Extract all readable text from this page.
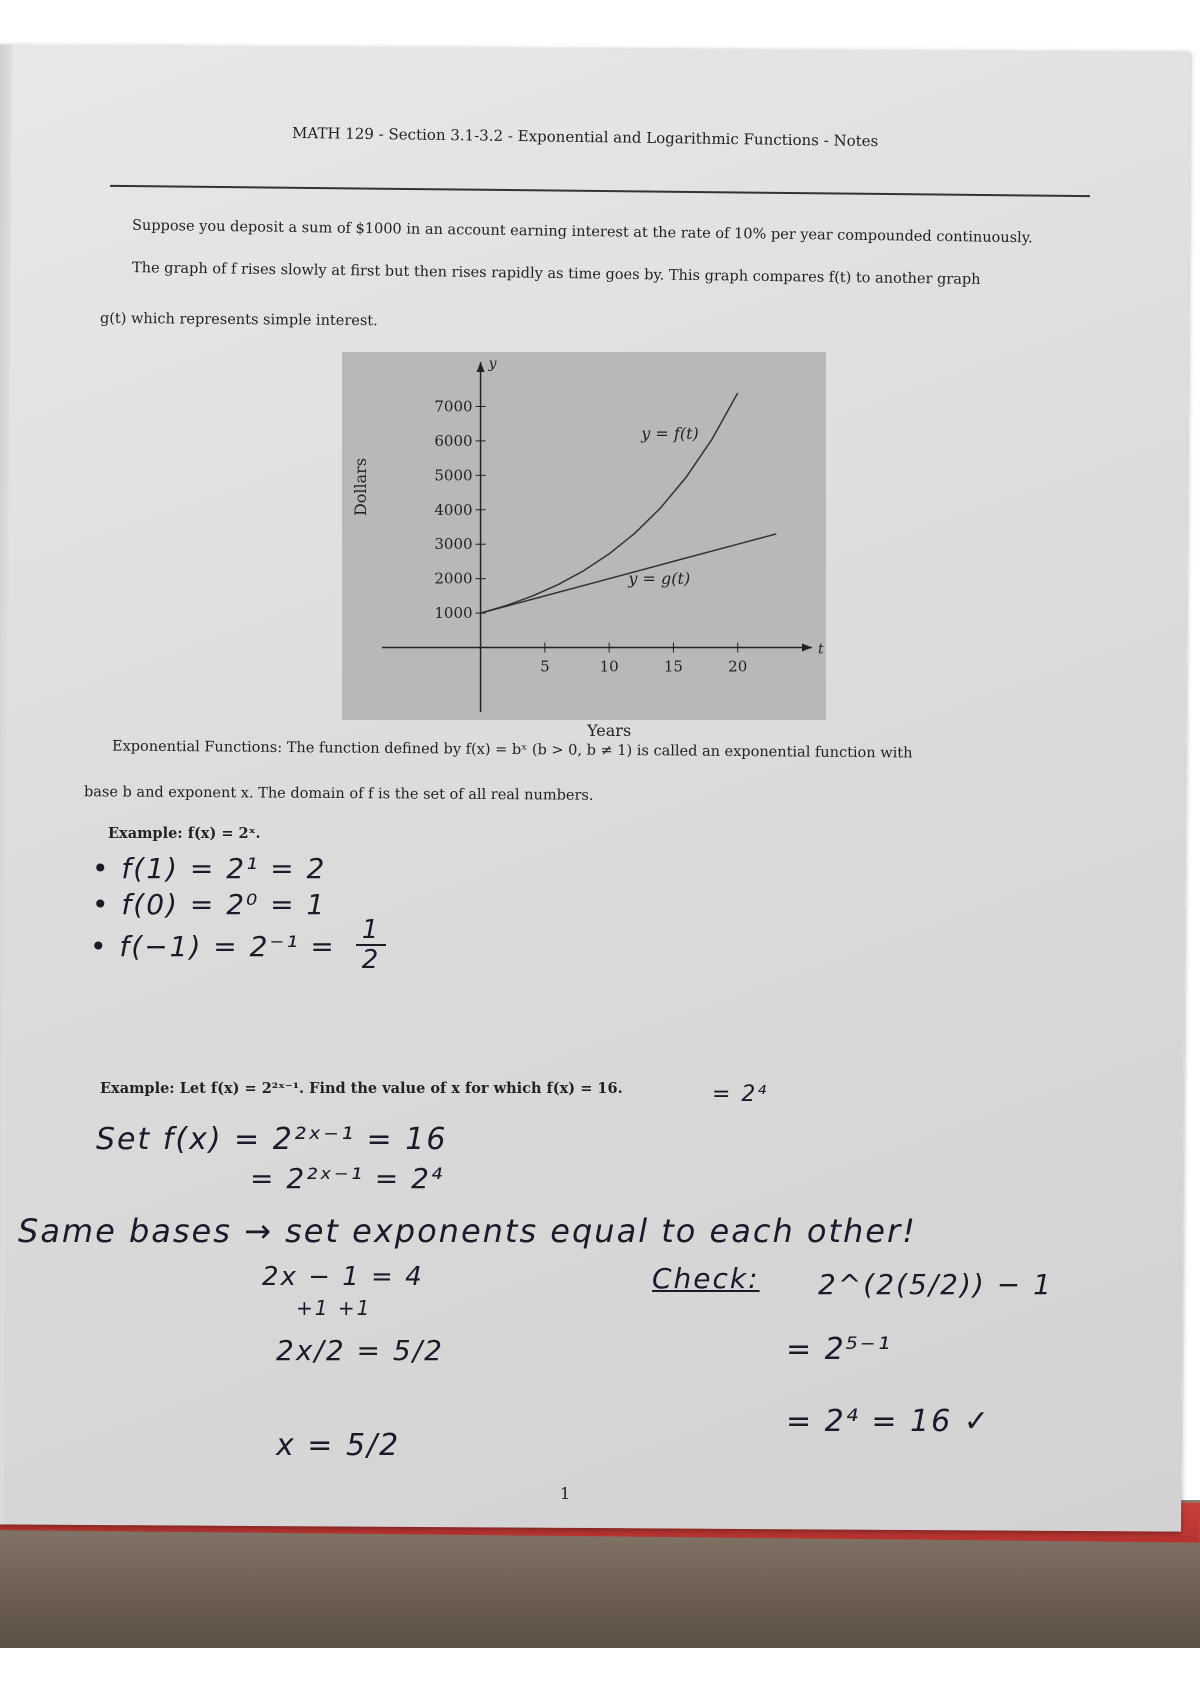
MATH 129 - Section 3.1-3.2 - Exponential and Logarithmic Functions - Notes
Suppose you deposit a sum of $1000 in an account earning interest at the rate of 10% per year compounded continuously.
The graph of f rises slowly at first but then rises rapidly as time goes by. This graph compares f(t) to another graph
g(t) which represents simple interest.
t
y
1000
2000
3000
4000
5000
6000
7000
5	10	15	20
Dollars
Years
y = f(t)
y = g(t)
Exponential Functions: The function defined by f(x) = bˣ (b > 0, b ≠ 1) is called an exponential function with
base b and exponent x. The domain of f is the set of all real numbers.
Example: f(x) = 2ˣ.
• f(1) = 2¹ = 2
• f(0) = 2⁰ = 1
• f(−1) = 2⁻¹ = 1
2
Example: Let f(x) = 2²ˣ⁻¹. Find the value of x for which f(x) = 16.	= 2⁴
Set f(x) = 2²ˣ⁻¹ = 16
= 2²ˣ⁻¹ = 2⁴
Same bases → set exponents equal to each other!
2x − 1 = 4
+1 +1
2x/2 = 5/2
x = 5/2
Check: 2^(2(5/2)) − 1
= 2⁵⁻¹
= 2⁴ = 16 ✓
1
